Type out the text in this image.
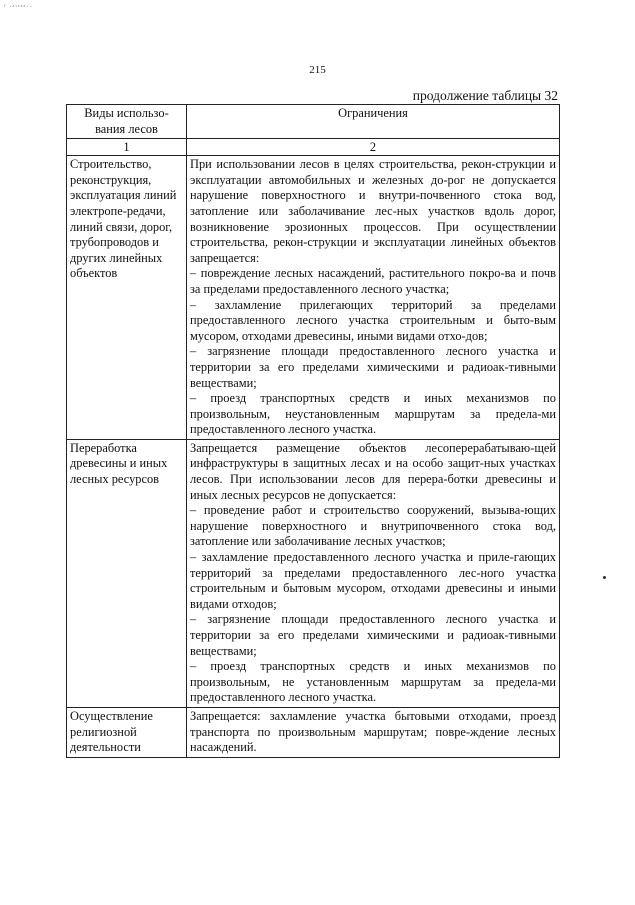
ᶠ ·ᵃᵗᵉᵃᵃ··
215
продолжение таблицы 32
Виды использо-вания лесов	Ограничения
1	2
Строительство, реконструкция, эксплуатация линий электропе-редачи, линий связи, дорог, трубопроводов и других линейных объектов	При использовании лесов в целях строительства, рекон-струкции и эксплуатации автомобильных и железных до-рог не допускается нарушение поверхностного и внутри-почвенного стока вод, затопление или заболачивание лес-ных участков вдоль дорог, возникновение эрозионных процессов. При осуществлении строительства, рекон-струкции и эксплуатации линейных объектов запрещается:

– повреждение лесных насаждений, растительного покро-ва и почв за пределами предоставленного лесного участка;

– захламление прилегающих территорий за пределами предоставленного лесного участка строительным и быто-вым мусором, отходами древесины, иными видами отхо-дов;

– загрязнение площади предоставленного лесного участка и территории за его пределами химическими и радиоак-тивными веществами;

– проезд транспортных средств и иных механизмов по произвольным, неустановленным маршрутам за предела-ми предоставленного лесного участка.

Переработка древесины и иных лесных ресурсов	Запрещается размещение объектов лесоперерабатываю-щей инфраструктуры в защитных лесах и на особо защит-ных участках лесов. При использовании лесов для перера-ботки древесины и иных лесных ресурсов не допускается:

– проведение работ и строительство сооружений, вызыва-ющих нарушение поверхностного и внутрипочвенного стока вод, затопление или заболачивание лесных участков;

– захламление предоставленного лесного участка и приле-гающих территорий за пределами предоставленного лес-ного участка строительным и бытовым мусором, отходами древесины и иными видами отходов;

– загрязнение площади предоставленного лесного участка и территории за его пределами химическими и радиоак-тивными веществами;

– проезд транспортных средств и иных механизмов по произвольным, не установленным маршрутам за предела-ми предоставленного лесного участка.

Осуществление религиозной деятельности	Запрещается: захламление участка бытовыми отходами, проезд транспорта по произвольным маршрутам; повре-ждение лесных насаждений.
